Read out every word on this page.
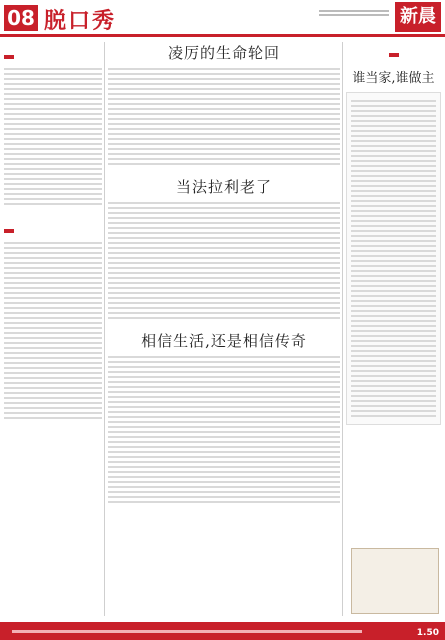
08 脱口秀	新晨
凌厉的生命轮回
当法拉利老了
相信生活,还是相信传奇
谁当家,谁做主
1.50
